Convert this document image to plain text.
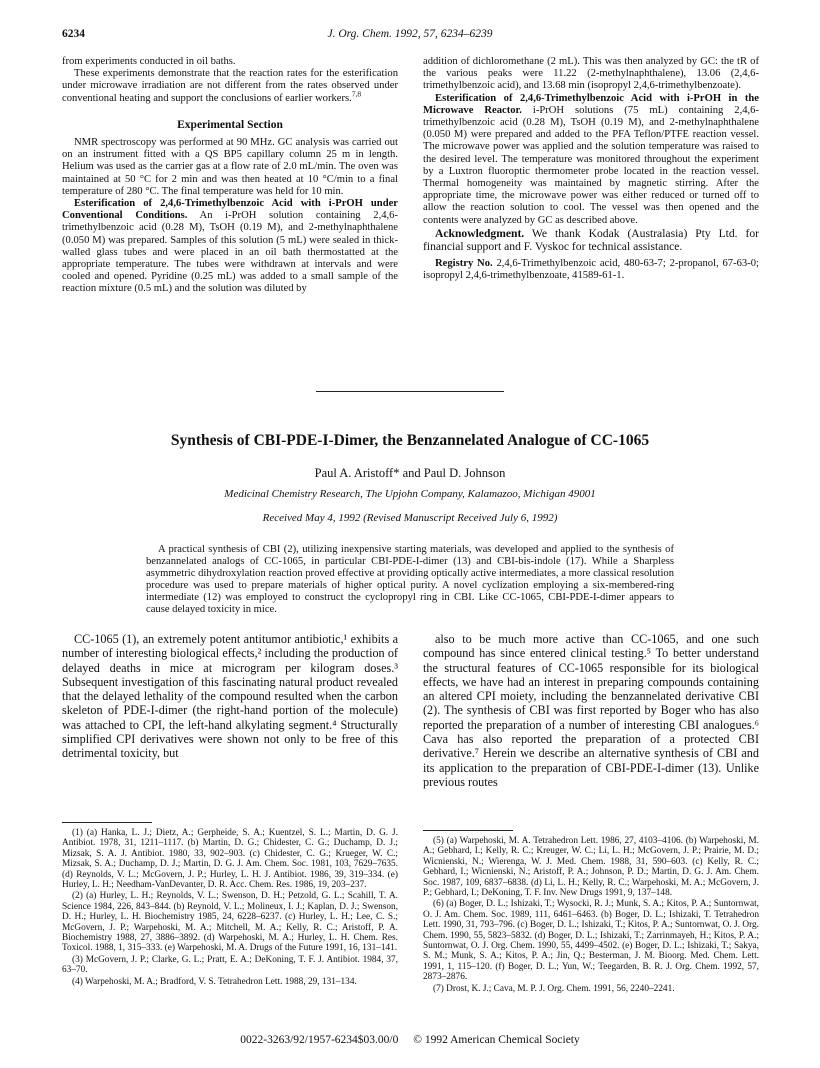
6234	J. Org. Chem. 1992, 57, 6234–6239

from experiments conducted in oil baths.

These experiments demonstrate that the reaction rates for the esterification under microwave irradiation are not different from the rates observed under conventional heating and support the conclusions of earlier workers.$^{7,8}$

Experimental Section

NMR spectroscopy was performed at 90 MHz. GC analysis was carried out on an instrument fitted with a QS BP5 capillary column 25 m in length. Helium was used as the carrier gas at a flow rate of 2.0 mL/min. The oven was maintained at 50 °C for 2 min and was then heated at 10 °C/min to a final temperature of 280 °C. The final temperature was held for 10 min.

Esterification of 2,4,6-Trimethylbenzoic Acid with i-PrOH under Conventional Conditions. An i-PrOH solution containing 2,4,6-trimethylbenzoic acid (0.28 M), TsOH (0.19 M), and 2-methylnaphthalene (0.050 M) was prepared. Samples of this solution (5 mL) were sealed in thick-walled glass tubes and were placed in an oil bath thermostatted at the appropriate temperature. The tubes were withdrawn at intervals and were cooled and opened. Pyridine (0.25 mL) was added to a small sample of the reaction mixture (0.5 mL) and the solution was diluted by

addition of dichloromethane (2 mL). This was then analyzed by GC: the tR of the various peaks were 11.22 (2-methylnaphthalene), 13.06 (2,4,6-trimethylbenzoic acid), and 13.68 min (isopropyl 2,4,6-trimethylbenzoate).

Esterification of 2,4,6-Trimethylbenzoic Acid with i-PrOH in the Microwave Reactor. i-PrOH solutions (75 mL) containing 2,4,6-trimethylbenzoic acid (0.28 M), TsOH (0.19 M), and 2-methylnaphthalene (0.050 M) were prepared and added to the PFA Teflon/PTFE reaction vessel. The microwave power was applied and the solution temperature was raised to the desired level. The temperature was monitored throughout the experiment by a Luxtron fluoroptic thermometer probe located in the reaction vessel. Thermal homogeneity was maintained by magnetic stirring. After the appropriate time, the microwave power was either reduced or turned off to allow the reaction solution to cool. The vessel was then opened and the contents were analyzed by GC as described above.

Acknowledgment. We thank Kodak (Australasia) Pty Ltd. for financial support and F. Vyskoc for technical assistance.

Registry No. 2,4,6-Trimethylbenzoic acid, 480-63-7; 2-propanol, 67-63-0; isopropyl 2,4,6-trimethylbenzoate, 41589-61-1.

Synthesis of CBI-PDE-I-Dimer, the Benzannelated Analogue of CC-1065
Paul A. Aristoff* and Paul D. Johnson
Medicinal Chemistry Research, The Upjohn Company, Kalamazoo, Michigan 49001
Received May 4, 1992 (Revised Manuscript Received July 6, 1992)

A practical synthesis of CBI (2), utilizing inexpensive starting materials, was developed and applied to the synthesis of benzannelated analogs of CC-1065, in particular CBI-PDE-I-dimer (13) and CBI-bis-indole (17). While a Sharpless asymmetric dihydroxylation reaction proved effective at providing optically active intermediates, a more classical resolution procedure was used to prepare materials of higher optical purity. A novel cyclization employing a six-membered-ring intermediate (12) was employed to construct the cyclopropyl ring in CBI. Like CC-1065, CBI-PDE-I-dimer appears to cause delayed toxicity in mice.

CC-1065 (1), an extremely potent antitumor antibiotic,¹ exhibits a number of interesting biological effects,² including the production of delayed deaths in mice at microgram per kilogram doses.³ Subsequent investigation of this fascinating natural product revealed that the delayed lethality of the compound resulted when the carbon skeleton of PDE-I-dimer (the right-hand portion of the molecule) was attached to CPI, the left-hand alkylating segment.⁴ Structurally simplified CPI derivatives were shown not only to be free of this detrimental toxicity, but

also to be much more active than CC-1065, and one such compound has since entered clinical testing.⁵ To better understand the structural features of CC-1065 responsible for its biological effects, we have had an interest in preparing compounds containing an altered CPI moiety, including the benzannelated derivative CBI (2). The synthesis of CBI was first reported by Boger who has also reported the preparation of a number of interesting CBI analogues.⁶ Cava has also reported the preparation of a protected CBI derivative.⁷ Herein we describe an alternative synthesis of CBI and its application to the preparation of CBI-PDE-I-dimer (13). Unlike previous routes

(1) (a) Hanka, L. J.; Dietz, A.; Gerpheide, S. A.; Kuentzel, S. L.; Martin, D. G. J. Antibiot. 1978, 31, 1211–1117. (b) Martin, D. G.; Chidester, C. G.; Duchamp, D. J.; Mizsak, S. A. J. Antibiot. 1980, 33, 902–903. (c) Chidester, C. G.; Krueger, W. C.; Mizsak, S. A.; Duchamp, D. J.; Martin, D. G. J. Am. Chem. Soc. 1981, 103, 7629–7635. (d) Reynolds, V. L.; McGovern, J. P.; Hurley, L. H. J. Antibiot. 1986, 39, 319–334. (e) Hurley, L. H.; Needham-VanDevanter, D. R. Acc. Chem. Res. 1986, 19, 203–237.

(2) (a) Hurley, L. H.; Reynolds, V. L.; Swenson, D. H.; Petzold, G. L.; Scahill, T. A. Science 1984, 226, 843–844. (b) Reynold, V. L.; Molineux, I. J.; Kaplan, D. J.; Swenson, D. H.; Hurley, L. H. Biochemistry 1985, 24, 6228–6237. (c) Hurley, L. H.; Lee, C. S.; McGovern, J. P.; Warpehoski, M. A.; Mitchell, M. A.; Kelly, R. C.; Aristoff, P. A. Biochemistry 1988, 27, 3886–3892. (d) Warpehoski, M. A.; Hurley, L. H. Chem. Res. Toxicol. 1988, 1, 315–333. (e) Warpehoski, M. A. Drugs of the Future 1991, 16, 131–141.

(3) McGovern, J. P.; Clarke, G. L.; Pratt, E. A.; DeKoning, T. F. J. Antibiot. 1984, 37, 63–70.

(4) Warpehoski, M. A.; Bradford, V. S. Tetrahedron Lett. 1988, 29, 131–134.

(5) (a) Warpehoski, M. A. Tetrahedron Lett. 1986, 27, 4103–4106. (b) Warpehoski, M. A.; Gebhard, I.; Kelly, R. C.; Kreuger, W. C.; Li, L. H.; McGovern, J. P.; Prairie, M. D.; Wicnienski, N.; Wierenga, W. J. Med. Chem. 1988, 31, 590–603. (c) Kelly, R. C.; Gebhard, I.; Wicnienski, N.; Aristoff, P. A.; Johnson, P. D.; Martin, D. G. J. Am. Chem. Soc. 1987, 109, 6837–6838. (d) Li, L. H.; Kelly, R. C.; Warpehoski, M. A.; McGovern, J. P.; Gebhard, I.; DeKoning, T. F. Inv. New Drugs 1991, 9, 137–148.

(6) (a) Boger, D. L.; Ishizaki, T.; Wysocki, R. J.; Munk, S. A.; Kitos, P. A.; Suntornwat, O. J. Am. Chem. Soc. 1989, 111, 6461–6463. (b) Boger, D. L.; Ishizaki, T. Tetrahedron Lett. 1990, 31, 793–796. (c) Boger, D. L.; Ishizaki, T.; Kitos, P. A.; Suntornwat, O. J. Org. Chem. 1990, 55, 5823–5832. (d) Boger, D. L.; Ishizaki, T.; Zarrinmayeh, H.; Kitos, P. A.; Suntornwat, O. J. Org. Chem. 1990, 55, 4499–4502. (e) Boger, D. L.; Ishizaki, T.; Sakya, S. M.; Munk, S. A.; Kitos, P. A.; Jin, Q.; Besterman, J. M. Bioorg. Med. Chem. Lett. 1991, 1, 115–120. (f) Boger, D. L.; Yun, W.; Teegarden, B. R. J. Org. Chem. 1992, 57, 2873–2876.

(7) Drost, K. J.; Cava, M. P. J. Org. Chem. 1991, 56, 2240–2241.

0022-3263/92/1957-6234$03.00/0 © 1992 American Chemical Society
